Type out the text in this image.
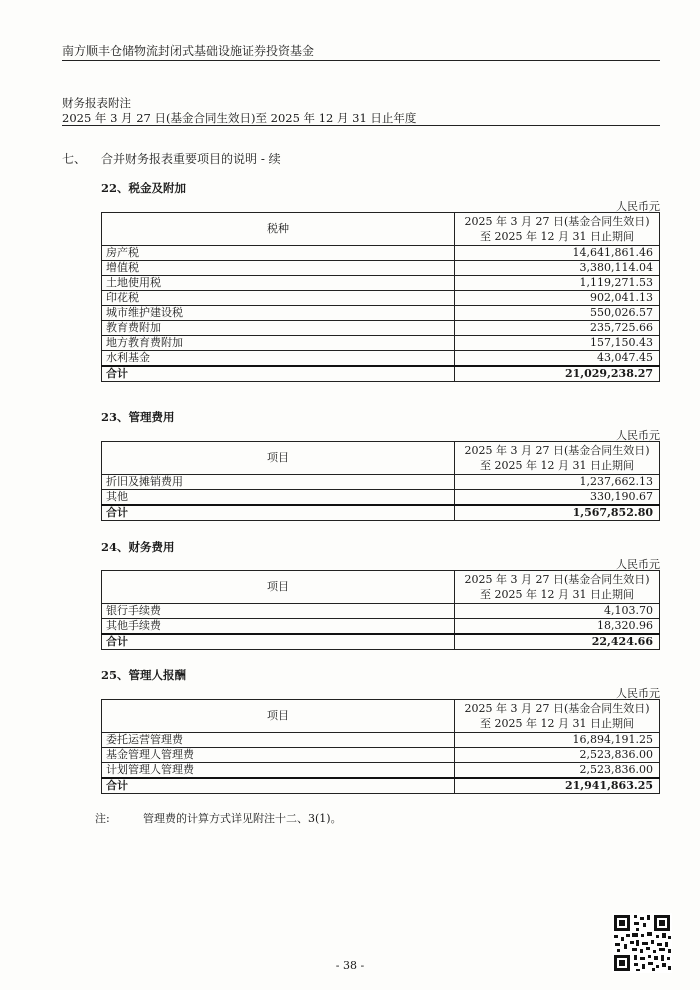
南方顺丰仓储物流封闭式基础设施证券投资基金
财务报表附注
2025 年 3 月 27 日(基金合同生效日)至 2025 年 12 月 31 日止年度
七、 合并财务报表重要项目的说明 - 续
22、税金及附加
人民币元
税种	2025 年 3 月 27 日(基金合同生效日)
至 2025 年 12 月 31 日止期间
房产税	14,641,861.46
增值税	3,380,114.04
土地使用税	1,119,271.53
印花税	902,041.13
城市维护建设税	550,026.57
教育费附加	235,725.66
地方教育费附加	157,150.43
水利基金	43,047.45
合计	21,029,238.27
23、管理费用
人民币元
项目	2025 年 3 月 27 日(基金合同生效日)
至 2025 年 12 月 31 日止期间
折旧及摊销费用	1,237,662.13
其他	330,190.67
合计	1,567,852.80
24、财务费用
人民币元
项目	2025 年 3 月 27 日(基金合同生效日)
至 2025 年 12 月 31 日止期间
银行手续费	4,103.70
其他手续费	18,320.96
合计	22,424.66
25、管理人报酬
人民币元
项目	2025 年 3 月 27 日(基金合同生效日)
至 2025 年 12 月 31 日止期间
委托运营管理费	16,894,191.25
基金管理人管理费	2,523,836.00
计划管理人管理费	2,523,836.00
合计	21,941,863.25
注:	管理费的计算方式详见附注十二、3(1)。
- 38 -
